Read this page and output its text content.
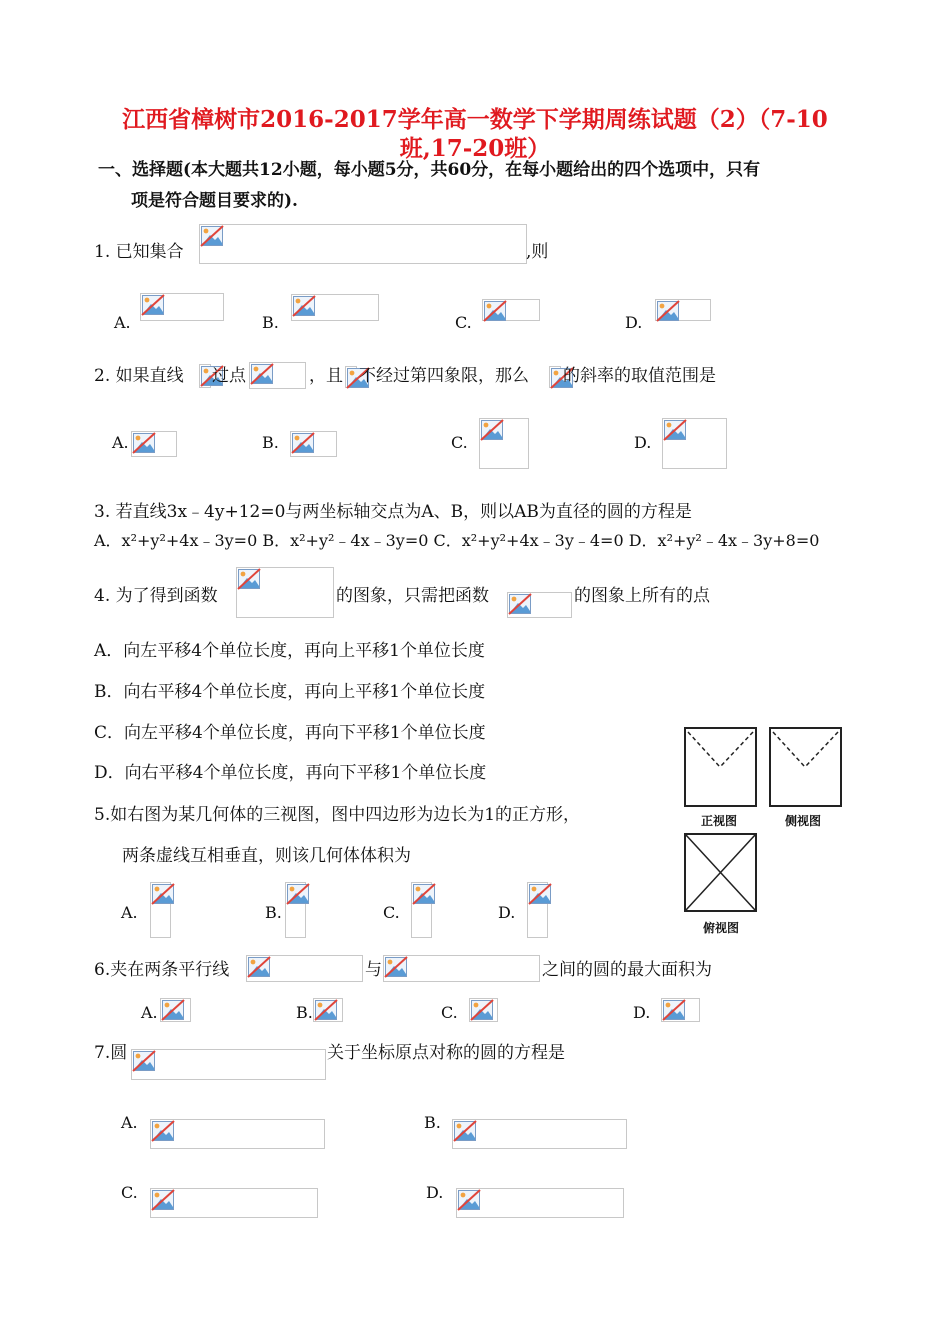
江西省樟树市2016-2017学年高一数学下学期周练试题（2）（7-10
班,17-20班）
一、选择题(本大题共12小题，每小题5分，共60分，在每小题给出的四个选项中，只有
项是符合题目要求的).
1. 已知集合	,则
A.	B.	C.	D.
2. 如果直线 过点	，且 不经过第四象限，那么 的斜率的取值范围是
A.	B.	C.	D.
3. 若直线3x﹣4y+12=0与两坐标轴交点为A、B，则以AB为直径的圆的方程是
A．x²+y²+4x﹣3y=0 B．x²+y²﹣4x﹣3y=0 C．x²+y²+4x﹣3y﹣4=0 D．x²+y²﹣4x﹣3y+8=0
4. 为了得到函数	的图象，只需把函数	的图象上所有的点
A．向左平移4个单位长度，再向上平移1个单位长度
B．向右平移4个单位长度，再向上平移1个单位长度
C．向左平移4个单位长度，再向下平移1个单位长度
D．向右平移4个单位长度，再向下平移1个单位长度
正视图	侧视图
俯视图
5.如右图为某几何体的三视图，图中四边形为边长为1的正方形，
两条虚线互相垂直，则该几何体体积为
A.	B.	C.	D.
6.夹在两条平行线	与	之间的圆的最大面积为
A.	B.	C.	D.
7.圆	关于坐标原点对称的圆的方程是
A.	B.
C.	D.
